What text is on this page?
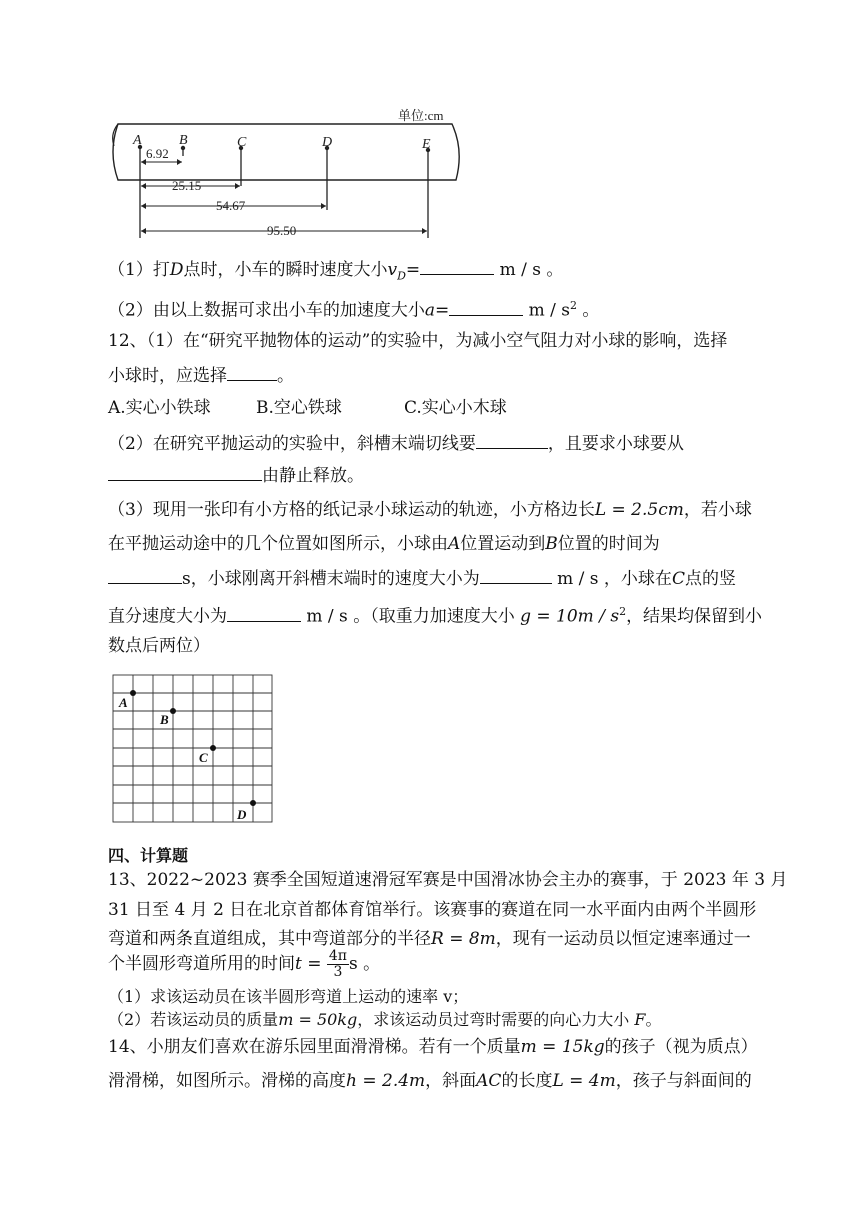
单位:cm
A	B	C	D	E
6.92
25.15
54.67
95.50
（1）打D点时，小车的瞬时速度大小$v_D=$	m / s 。
（2）由以上数据可求出小车的加速度大小a=	m / $s^2$ 。
12、（1）在“研究平抛物体的运动”的实验中，为减小空气阻力对小球的影响，选择
小球时，应选择	。
A.实心小铁球	B.空心铁球	C.实心小木球
（2）在研究平抛运动的实验中，斜槽末端切线要	，且要求小球要从
由静止释放。
（3）现用一张印有小方格的纸记录小球运动的轨迹，小方格边长L = 2.5cm，若小球
在平抛运动途中的几个位置如图所示，小球由A位置运动到B位置的时间为
s，小球刚离开斜槽末端时的速度大小为	m / s ，小球在C点的竖
直分速度大小为	m / s 。（取重力加速度大小 $g = 10m / s^2$，结果均保留到小
数点后两位）
A
B
C
D
四、计算题
13、2022~2023 赛季全国短道速滑冠军赛是中国滑冰协会主办的赛事，于 2023 年 3 月
31 日至 4 月 2 日在北京首都体育馆举行。该赛事的赛道在同一水平面内由两个半圆形
弯道和两条直道组成，其中弯道部分的半径R = 8m，现有一运动员以恒定速率通过一
个半圆形弯道所用的时间$t = \frac{4\pi}{3}$ s 。
（1）求该运动员在该半圆形弯道上运动的速率 v；
（2）若该运动员的质量m = 50kg，求该运动员过弯时需要的向心力大小 F。
14、小朋友们喜欢在游乐园里面滑滑梯。若有一个质量m = 15kg的孩子（视为质点）
滑滑梯，如图所示。滑梯的高度h = 2.4m，斜面AC的长度L = 4m，孩子与斜面间的
